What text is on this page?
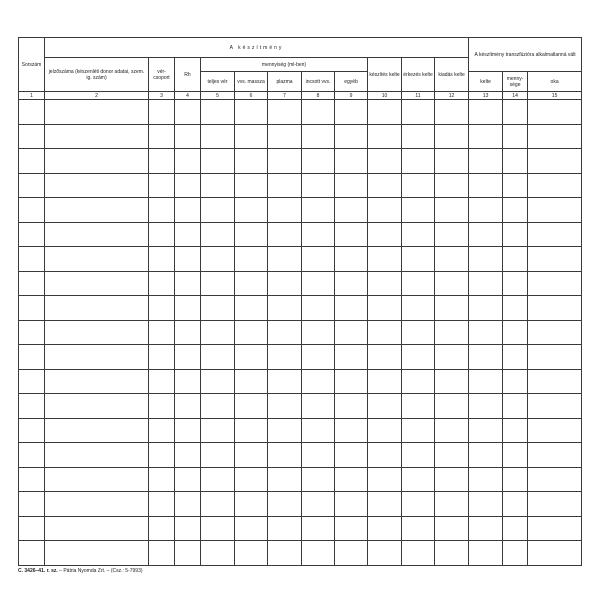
Sorszám	A készítmény											A készítmény transzfúzióra alkalmatlanná vált		

	jelzőszáma (készenléti donor adatai, szem. ig. szám)	vér-csoport	Rh	mennyiség (ml-ben)					készítés kelte	érkezés kelte	kiadás kelte			

				teljes vér	vvs. massza	plazma	incsott vvs.	egyéb				kelte	menny-sége	oka

1	2	3	4	5	6	7	8	9	10	11	12	13	14	15

C. 3426–41. r. sz. – Pátria Nyomda Zrt. – (Csz.: 5-7993)
